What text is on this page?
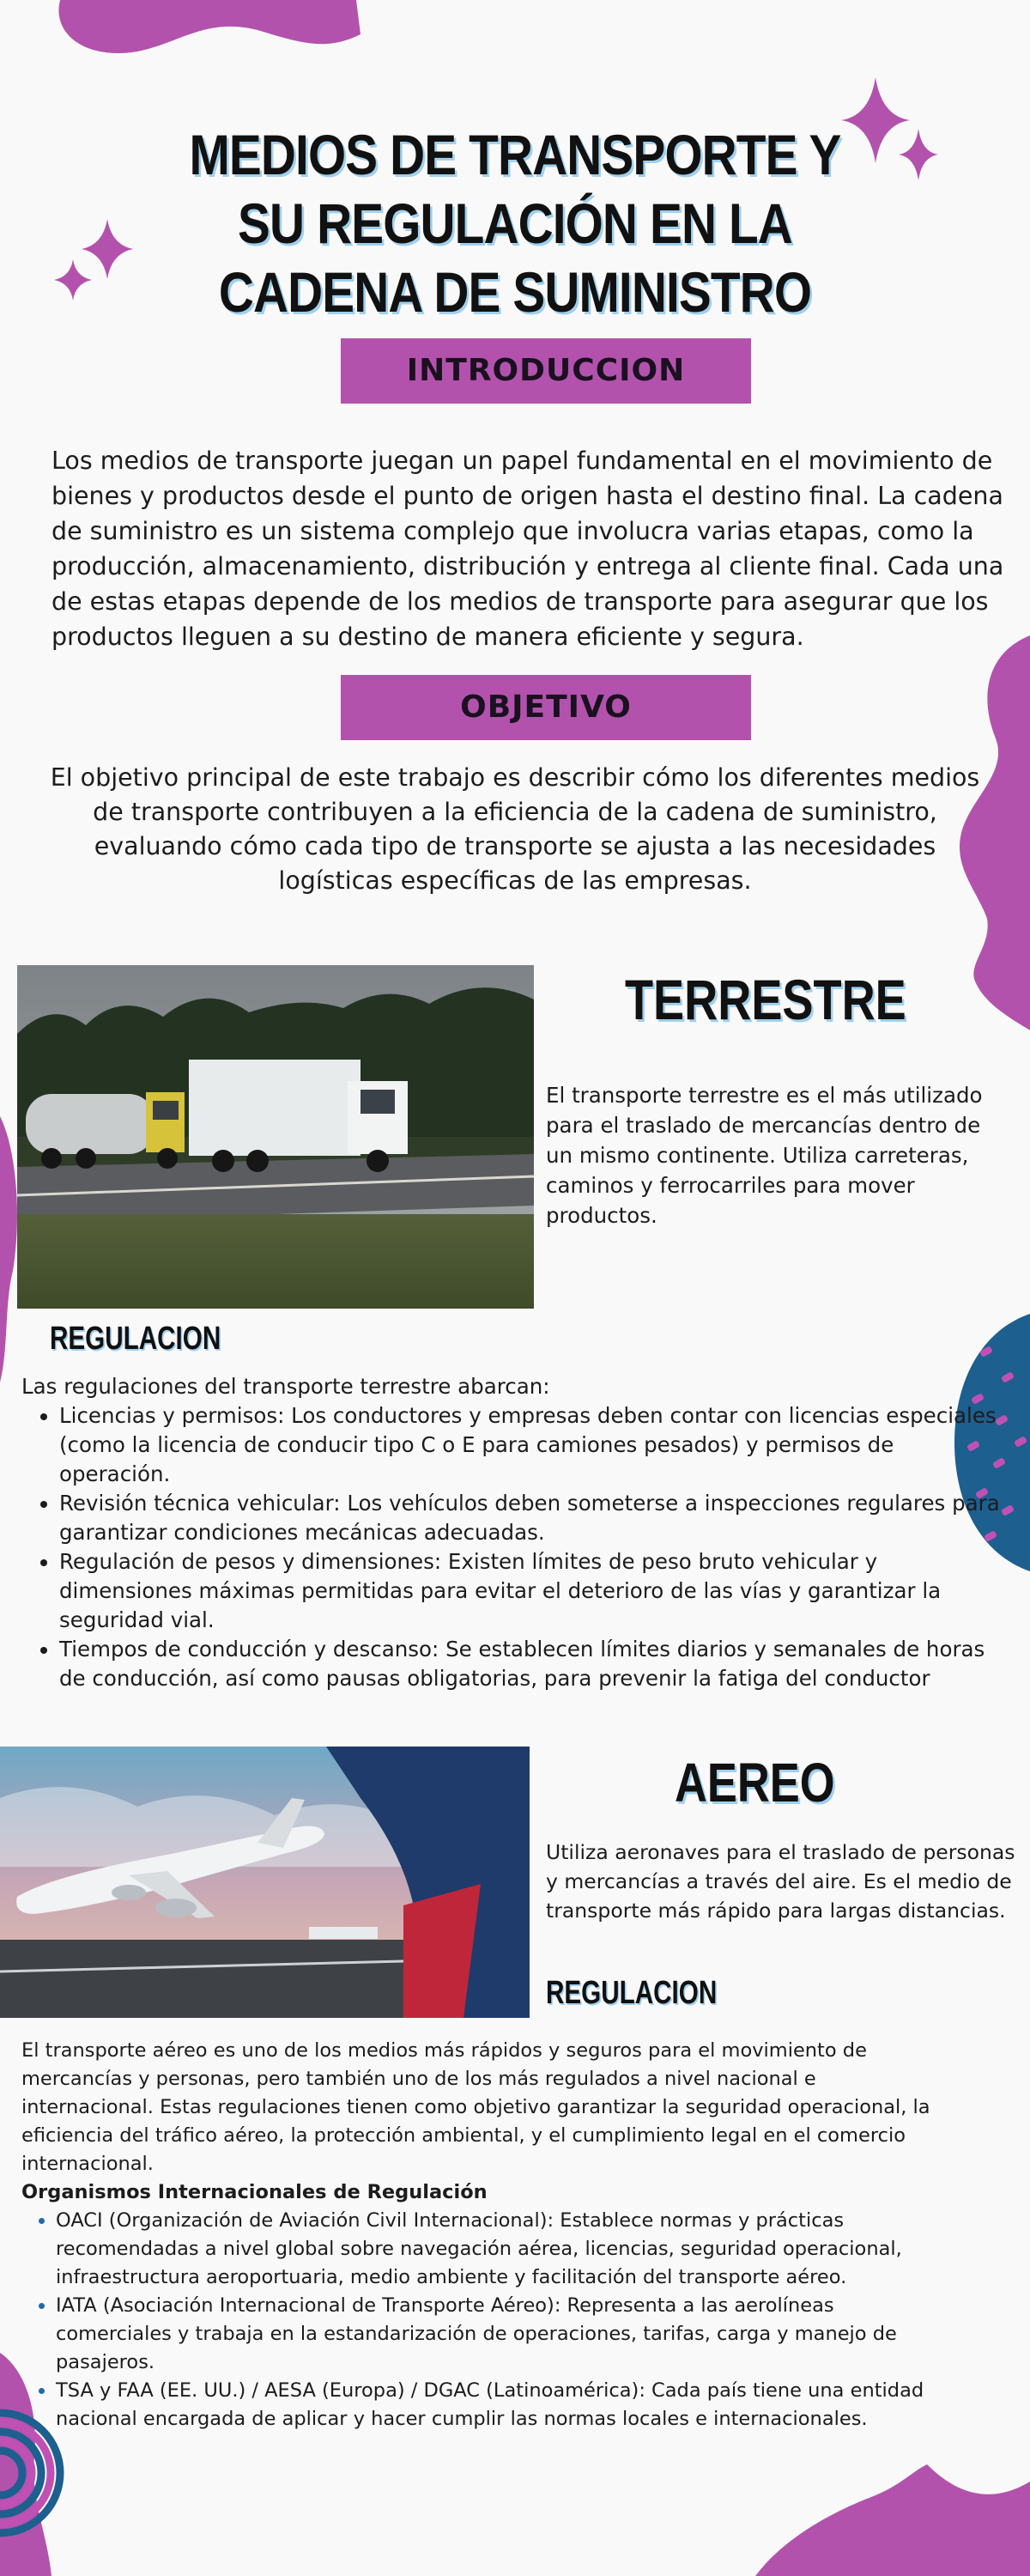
MEDIOS DE TRANSPORTE Y SU REGULACIÓN EN LA CADENA DE SUMINISTRO
INTRODUCCION

Los medios de transporte juegan un papel fundamental en el movimiento de bienes y productos desde el punto de origen hasta el destino final. La cadena de suministro es un sistema complejo que involucra varias etapas, como la producción, almacenamiento, distribución y entrega al cliente final. Cada una de estas etapas depende de los medios de transporte para asegurar que los productos lleguen a su destino de manera eficiente y segura.

OBJETIVO

El objetivo principal de este trabajo es describir cómo los diferentes medios de transporte contribuyen a la eficiencia de la cadena de suministro, evaluando cómo cada tipo de transporte se ajusta a las necesidades logísticas específicas de las empresas.

TERRESTRE

El transporte terrestre es el más utilizado para el traslado de mercancías dentro de un mismo continente. Utiliza carreteras, caminos y ferrocarriles para mover productos.

REGULACION
Las regulaciones del transporte terrestre abarcan:
• Licencias y permisos: Los conductores y empresas deben contar con licencias especiales (como la licencia de conducir tipo C o E para camiones pesados) y permisos de operación.
• Revisión técnica vehicular: Los vehículos deben someterse a inspecciones regulares para garantizar condiciones mecánicas adecuadas.
• Regulación de pesos y dimensiones: Existen límites de peso bruto vehicular y dimensiones máximas permitidas para evitar el deterioro de las vías y garantizar la seguridad vial.
• Tiempos de conducción y descanso: Se establecen límites diarios y semanales de horas de conducción, así como pausas obligatorias, para prevenir la fatiga del conductor
AEREO

Utiliza aeronaves para el traslado de personas y mercancías a través del aire. Es el medio de transporte más rápido para largas distancias.

REGULACION
El transporte aéreo es uno de los medios más rápidos y seguros para el movimiento de mercancías y personas, pero también uno de los más regulados a nivel nacional e internacional. Estas regulaciones tienen como objetivo garantizar la seguridad operacional, la eficiencia del tráfico aéreo, la protección ambiental, y el cumplimiento legal en el comercio internacional.
Organismos Internacionales de Regulación
• OACI (Organización de Aviación Civil Internacional): Establece normas y prácticas recomendadas a nivel global sobre navegación aérea, licencias, seguridad operacional, infraestructura aeroportuaria, medio ambiente y facilitación del transporte aéreo.
• IATA (Asociación Internacional de Transporte Aéreo): Representa a las aerolíneas comerciales y trabaja en la estandarización de operaciones, tarifas, carga y manejo de pasajeros.
• TSA y FAA (EE. UU.) / AESA (Europa) / DGAC (Latinoamérica): Cada país tiene una entidad nacional encargada de aplicar y hacer cumplir las normas locales e internacionales.
